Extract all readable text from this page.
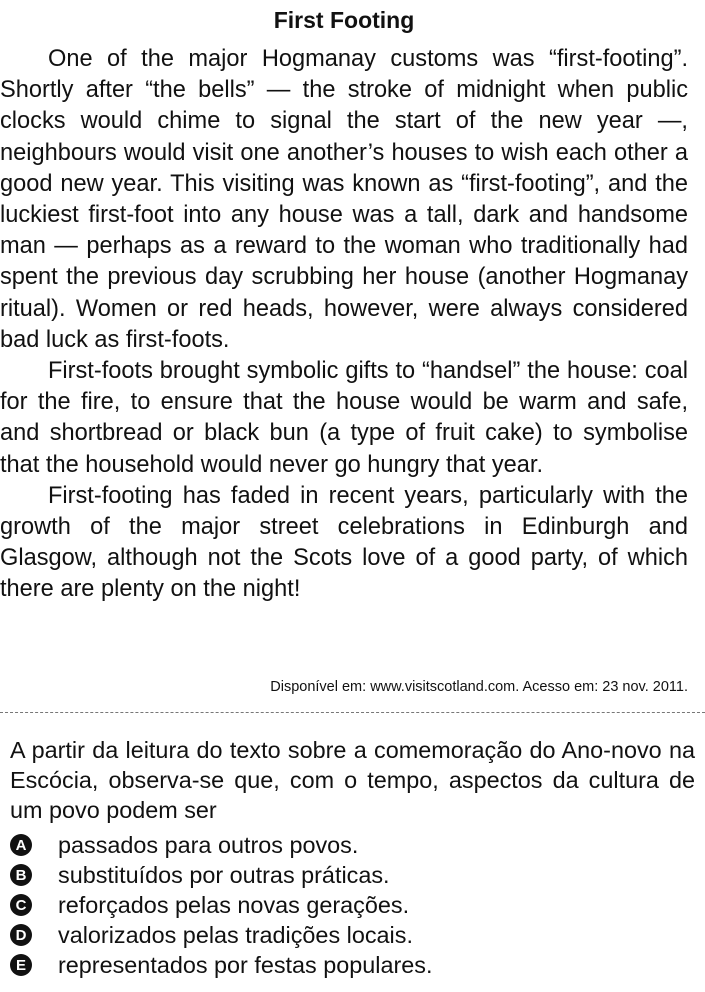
First Footing

One of the major Hogmanay customs was “first-footing”. Shortly after “the bells” — the stroke of midnight when public clocks would chime to signal the start of the new year —, neighbours would visit one another’s houses to wish each other a good new year. This visiting was known as “first-footing”, and the luckiest first-foot into any house was a tall, dark and handsome man — perhaps as a reward to the woman who traditionally had spent the previous day scrubbing her house (another Hogmanay ritual). Women or red heads, however, were always considered bad luck as first-foots.

First-foots brought symbolic gifts to “handsel” the house: coal for the fire, to ensure that the house would be warm and safe, and shortbread or black bun (a type of fruit cake) to symbolise that the household would never go hungry that year.

First-footing has faded in recent years, particularly with the growth of the major street celebrations in Edinburgh and Glasgow, although not the Scots love of a good party, of which there are plenty on the night!

Disponível em: www.visitscotland.com. Acesso em: 23 nov. 2011.

A partir da leitura do texto sobre a comemoração do Ano-novo na Escócia, observa-se que, com o tempo, aspectos da cultura de um povo podem ser

A passados para outros povos.
B substituídos por outras práticas.
C reforçados pelas novas gerações.
D valorizados pelas tradições locais.
E representados por festas populares.
